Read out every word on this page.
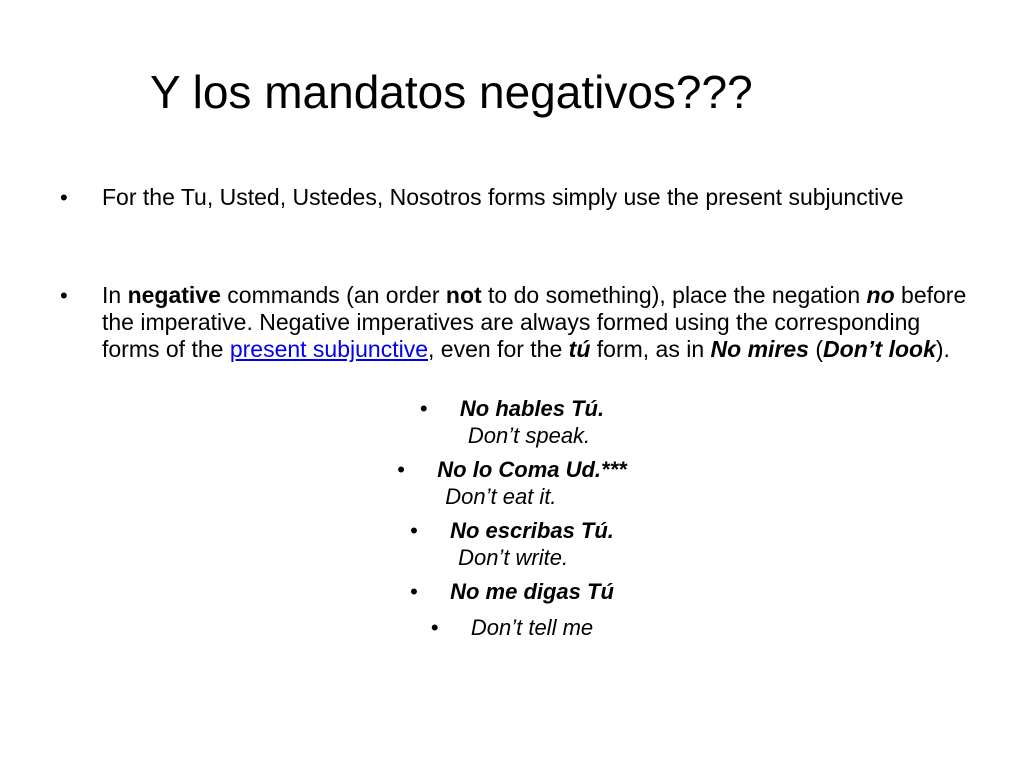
Y los mandatos negativos???
•	For the Tu, Usted, Ustedes, Nosotros forms simply use the present subjunctive
•	In negative commands (an order not to do something), place the negation no before the imperative. Negative imperatives are always formed using the corresponding forms of the present subjunctive, even for the tú form, as in No mires (Don’t look).
• No hables Tú.
Don’t speak.
• No lo Coma Ud.***
Don’t eat it.
• No escribas Tú.
Don’t write.
• No me digas Tú
• Don’t tell me
